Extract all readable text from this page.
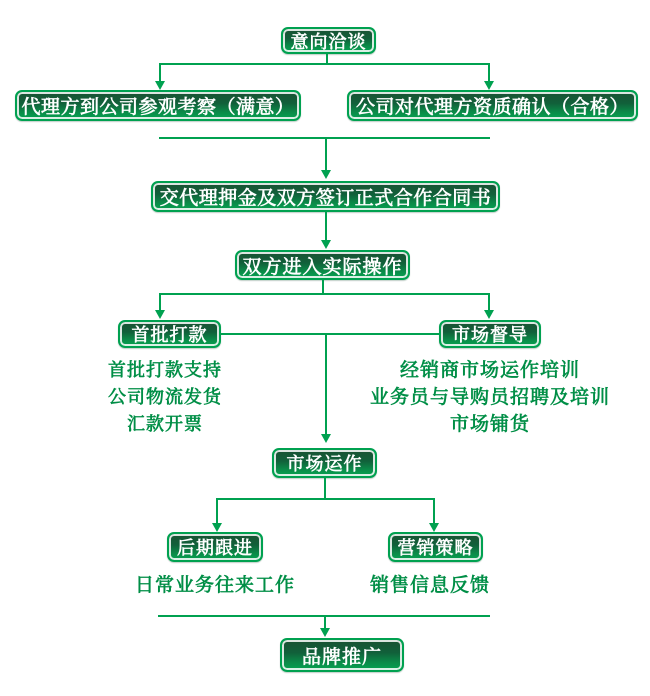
意向洽谈
代理方到公司参观考察（满意）	公司对代理方资质确认（合格）
交代理押金及双方签订正式合作合同书
双方进入实际操作
首批打款	市场督导
首批打款支持
公司物流发货
汇款开票
经销商市场运作培训
业务员与导购员招聘及培训
市场铺货
市场运作
后期跟进	营销策略
日常业务往来工作	销售信息反馈
品牌推广
